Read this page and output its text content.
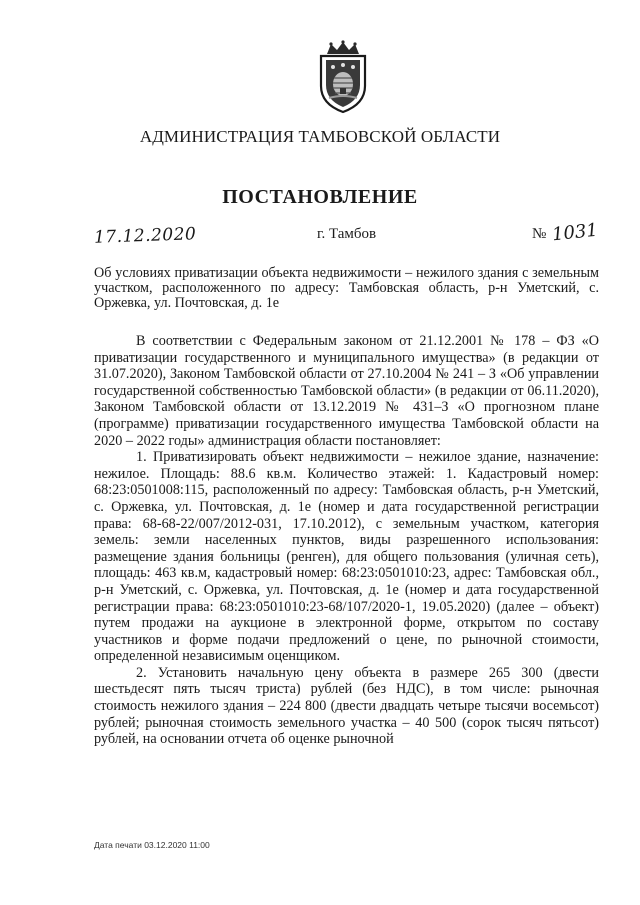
АДМИНИСТРАЦИЯ ТАМБОВСКОЙ ОБЛАСТИ
ПОСТАНОВЛЕНИЕ
17.12.2020	г. Тамбов	№ 1031
Об условиях приватизации объекта недвижимости – нежилого здания с земельным участком, расположенного по адресу: Тамбовская область, р-н Уметский, с. Оржевка, ул. Почтовская, д. 1е

В соответствии с Федеральным законом от 21.12.2001 № 178 – ФЗ «О приватизации государственного и муниципального имущества» (в редакции от 31.07.2020), Законом Тамбовской области от 27.10.2004 № 241 – З «Об управлении государственной собственностью Тамбовской области» (в редакции от 06.11.2020), Законом Тамбовской области от 13.12.2019 № 431–З «О прогнозном плане (программе) приватизации государственного имущества Тамбовской области на 2020 – 2022 годы» администрация области постановляет:

1. Приватизировать объект недвижимости – нежилое здание, назначение: нежилое. Площадь: 88.6 кв.м. Количество этажей: 1. Кадастровый номер: 68:23:0501008:115, расположенный по адресу: Тамбовская область, р-н Уметский, с. Оржевка, ул. Почтовская, д. 1е (номер и дата государственной регистрации права: 68-68-22/007/2012-031, 17.10.2012), с земельным участком, категория земель: земли населенных пунктов, виды разрешенного использования: размещение здания больницы (ренген), для общего пользования (уличная сеть), площадь: 463 кв.м, кадастровый номер: 68:23:0501010:23, адрес: Тамбовская обл., р-н Уметский, с. Оржевка, ул. Почтовская, д. 1е (номер и дата государственной регистрации права: 68:23:0501010:23-68/107/2020-1, 19.05.2020) (далее – объект) путем продажи на аукционе в электронной форме, открытом по составу участников и форме подачи предложений о цене, по рыночной стоимости, определенной независимым оценщиком.

2. Установить начальную цену объекта в размере 265 300 (двести шестьдесят пять тысяч триста) рублей (без НДС), в том числе: рыночная стоимость нежилого здания – 224 800 (двести двадцать четыре тысячи восемьсот) рублей; рыночная стоимость земельного участка – 40 500 (сорок тысяч пятьсот) рублей, на основании отчета об оценке рыночной

Дата печати 03.12.2020 11:00
